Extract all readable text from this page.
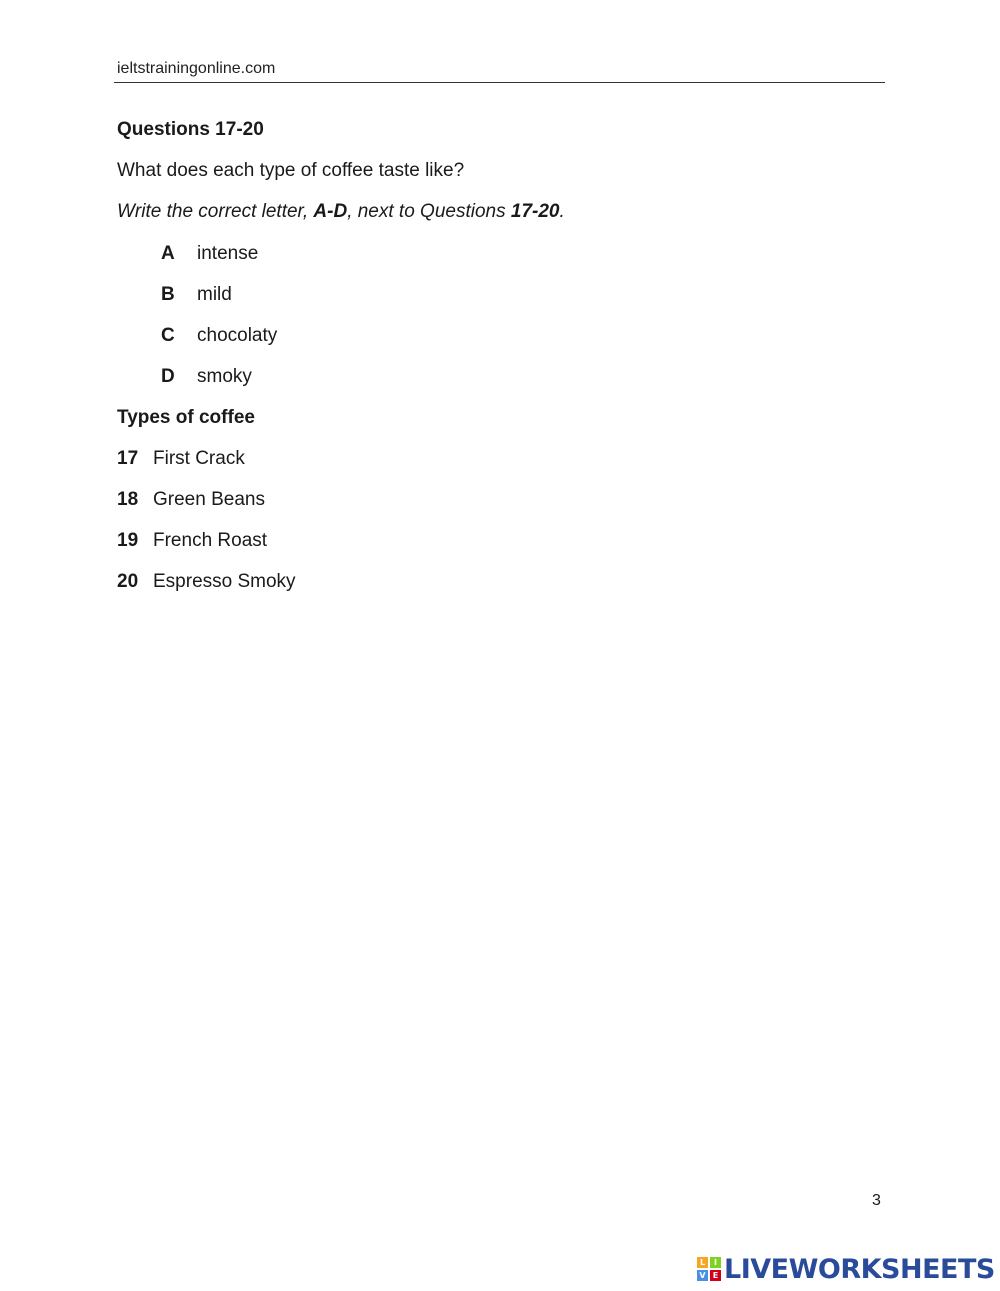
ieltstrainingonline.com
Questions 17-20
What does each type of coffee taste like?
Write the correct letter, A-D, next to Questions 17-20.
A intense
B mild
C chocolaty
D smoky
Types of coffee
17 First Crack
18 Green Beans
19 French Roast
20 Espresso Smoky
3
L	I
V E LIVEWORKSHEETS
